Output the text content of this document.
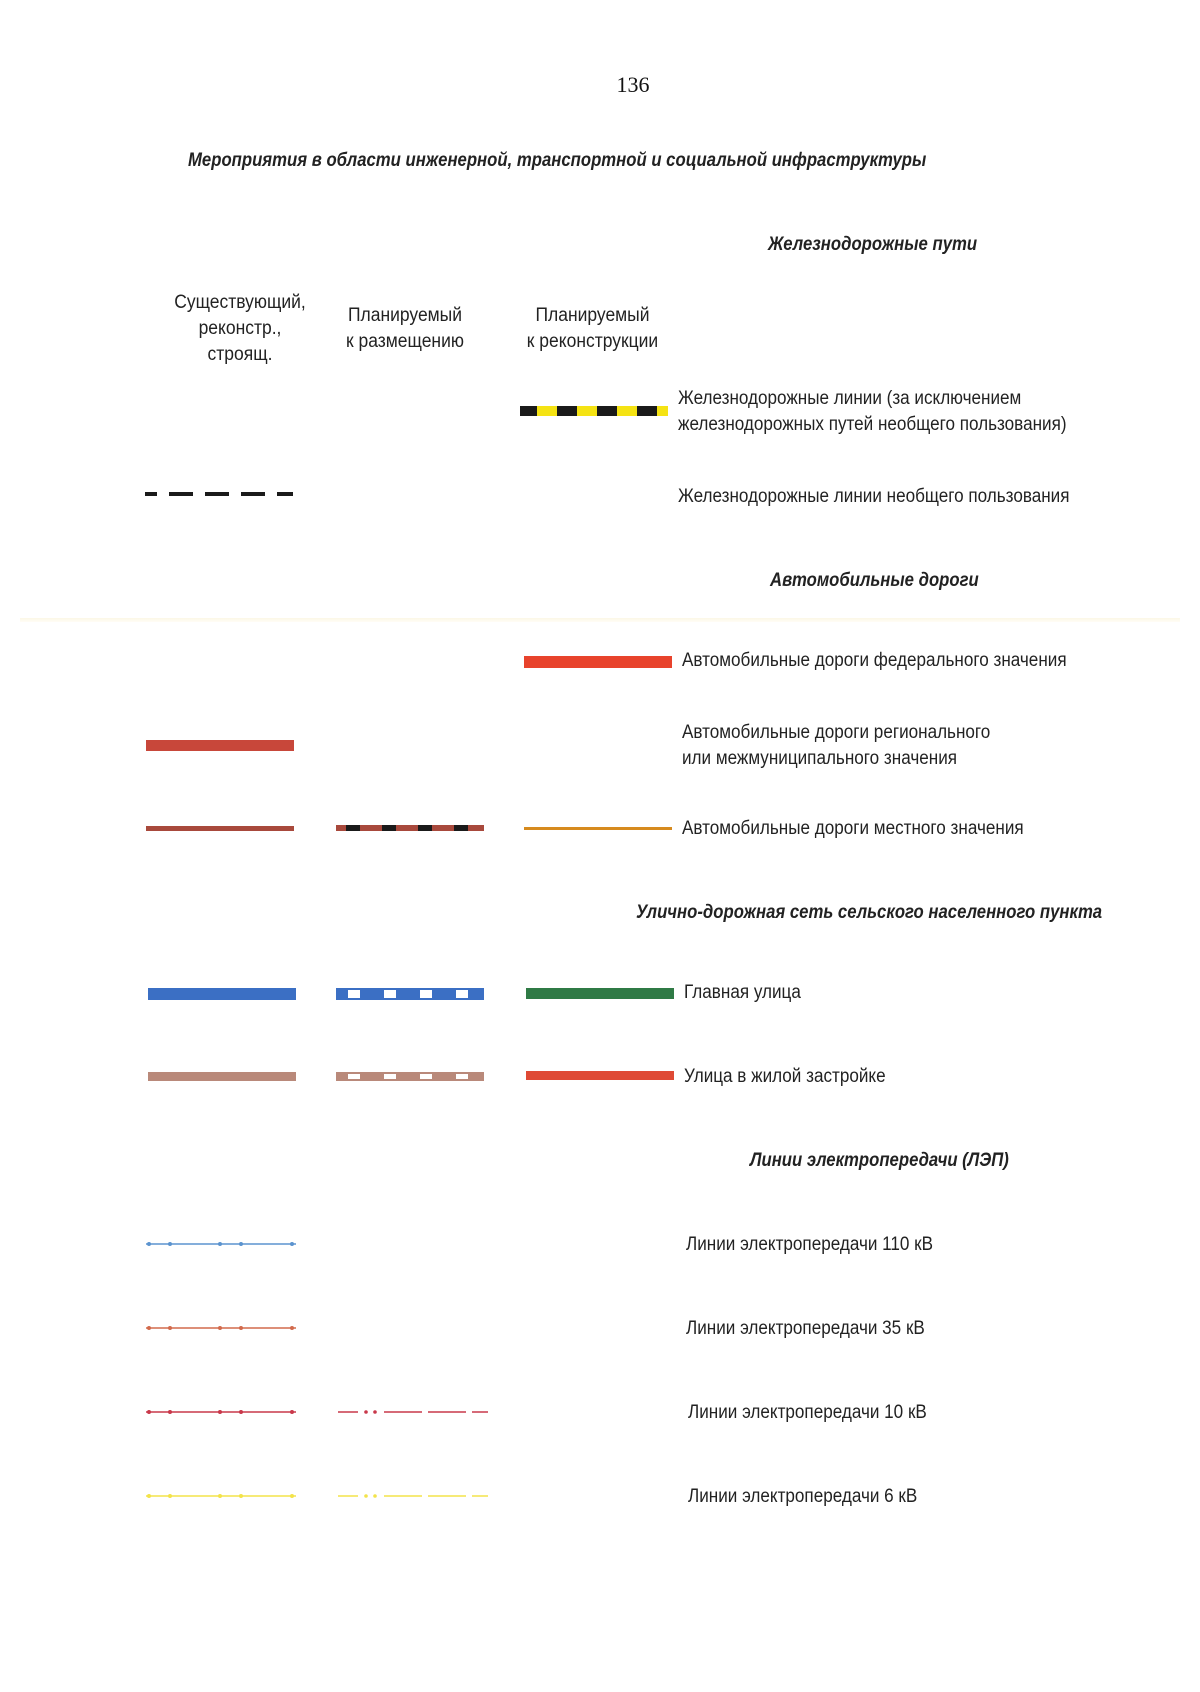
136
Мероприятия в области инженерной, транспортной и социальной инфраструктуры
Железнодорожные пути
Существующий,
реконстр.,
строящ.
Планируемый
к размещению
Планируемый
к реконструкции
Железнодорожные линии (за исключением
железнодорожных путей необщего пользования)
Железнодорожные линии необщего пользования
Автомобильные дороги
Автомобильные дороги федерального значения
Автомобильные дороги регионального
или межмуниципального значения
Автомобильные дороги местного значения
Улично-дорожная сеть сельского населенного пункта
Главная улица
Улица в жилой застройке
Линии электропередачи (ЛЭП)
Линии электропередачи 110 кВ
Линии электропередачи 35 кВ
Линии электропередачи 10 кВ
Линии электропередачи 6 кВ
